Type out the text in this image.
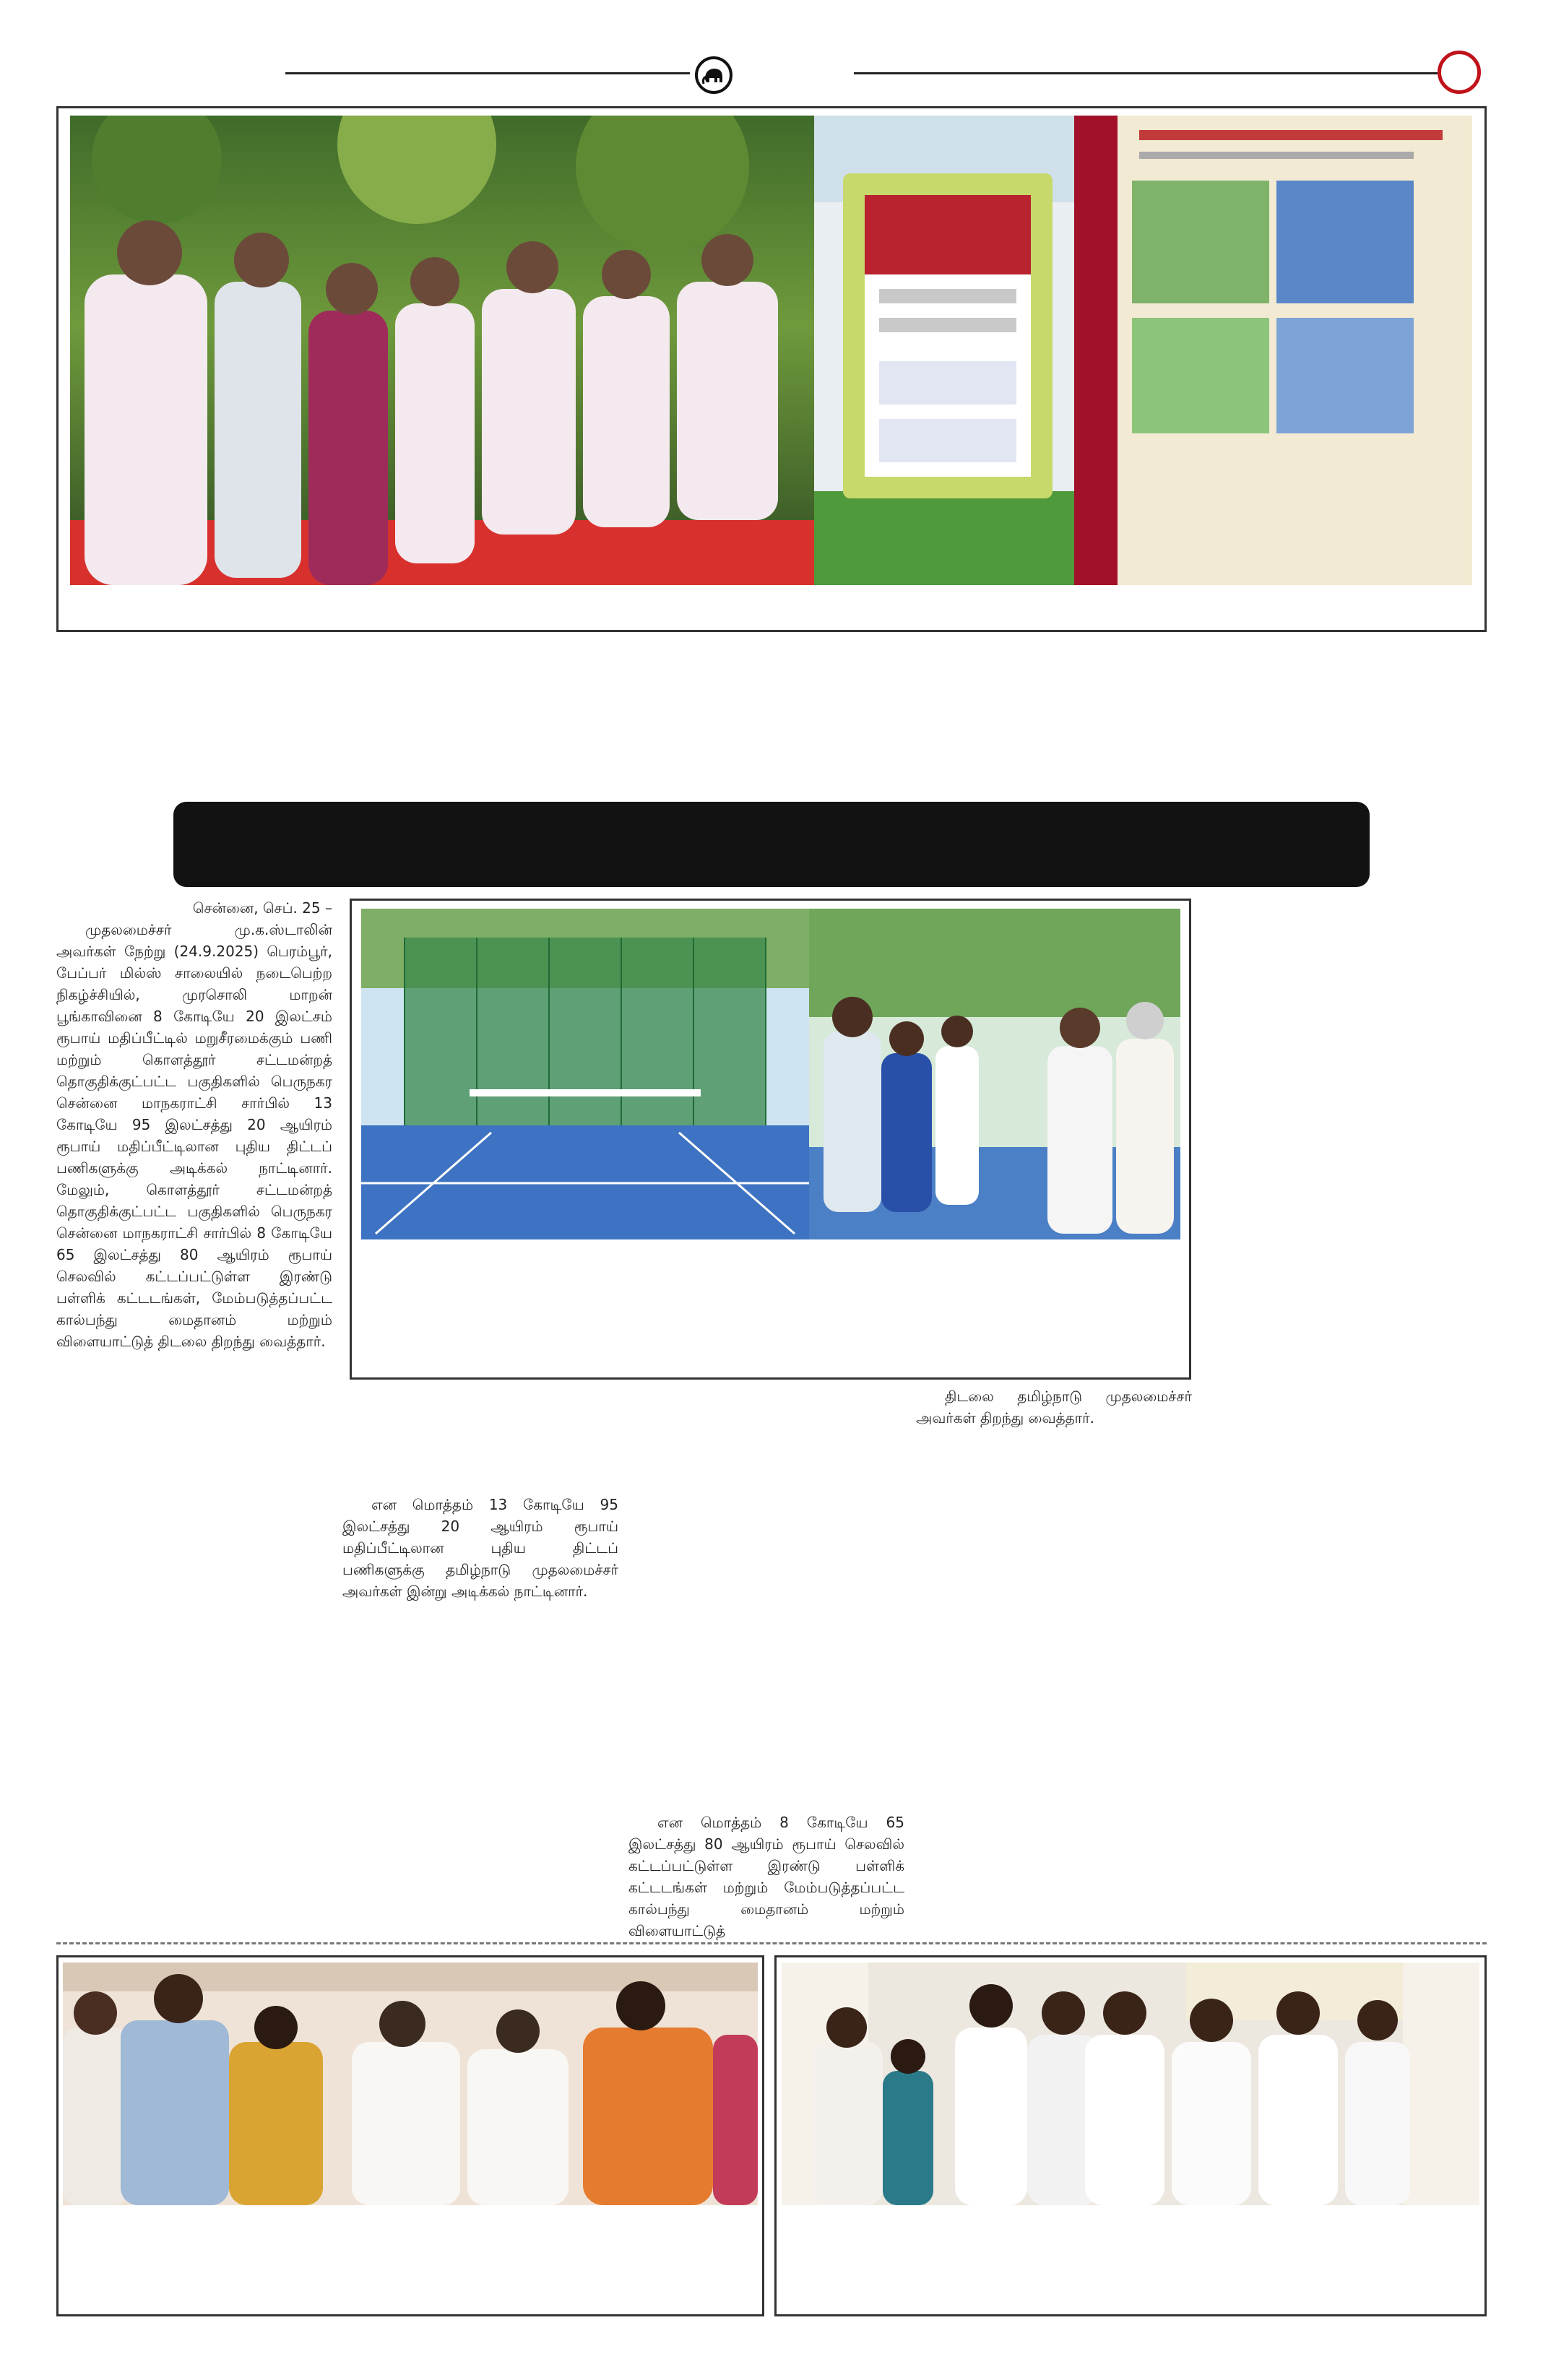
சென்னை, செப். 25 –

முதலமைச்சர் மு.க.ஸ்டாலின் அவர்கள் நேற்று (24.9.2025) பெரம்பூர், பேப்பர் மில்ஸ் சாலையில் நடைபெற்ற நிகழ்ச்சியில், முரசொலி மாறன் பூங்காவினை 8 கோடியே 20 இலட்சம் ரூபாய் மதிப்பீட்டில் மறுசீரமைக்கும் பணி மற்றும் கொளத்தூர் சட்டமன்றத் தொகுதிக்குட்பட்ட பகுதிகளில் பெருநகர சென்னை மாநகராட்சி சார்பில் 13 கோடியே 95 இலட்சத்து 20 ஆயிரம் ரூபாய் மதிப்பீட்டிலான புதிய திட்டப் பணிகளுக்கு அடிக்கல் நாட்டினார். மேலும், கொளத்தூர் சட்டமன்றத் தொகுதிக்குட்பட்ட பகுதிகளில் பெருநகர சென்னை மாநகராட்சி சார்பில் 8 கோடியே 65 இலட்சத்து 80 ஆயிரம் ரூபாய் செலவில் கட்டப்பட்டுள்ள இரண்டு பள்ளிக் கட்டடங்கள், மேம்படுத்தப்பட்ட கால்பந்து மைதானம் மற்றும் விளையாட்டுத் திடலை திறந்து வைத்தார்.

திடலை தமிழ்நாடு முதலமைச்சர் அவர்கள் திறந்து வைத்தார்.

என மொத்தம் 13 கோடியே 95 இலட்சத்து 20 ஆயிரம் ரூபாய் மதிப்பீட்டிலான புதிய திட்டப் பணிகளுக்கு தமிழ்நாடு முதலமைச்சர் அவர்கள் இன்று அடிக்கல் நாட்டினார்.

என மொத்தம் 8 கோடியே 65 இலட்சத்து 80 ஆயிரம் ரூபாய் செலவில் கட்டப்பட்டுள்ள இரண்டு பள்ளிக் கட்டடங்கள் மற்றும் மேம்படுத்தப்பட்ட கால்பந்து மைதானம் மற்றும் விளையாட்டுத்
